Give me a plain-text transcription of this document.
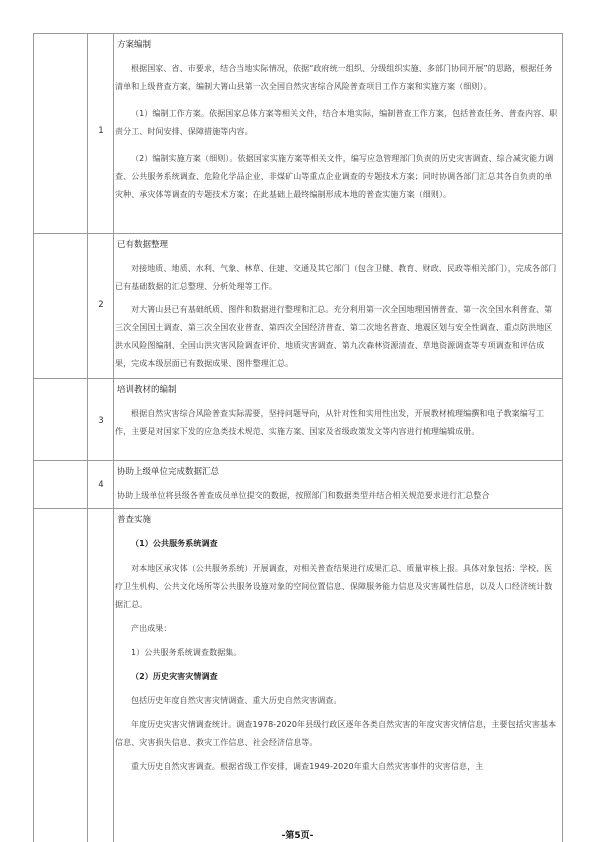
1
方案编制

根据国家、省、市要求，结合当地实际情况，依据“政府统一组织、分级组织实施、多部门协同开展”的思路，根据任务清单和上级普查方案，编制大箐山县第一次全国自然灾害综合风险普查项目工作方案和实施方案（细则）。

（1）编制工作方案。依据国家总体方案等相关文件，结合本地实际，编制普查工作方案，包括普查任务、普查内容、职责分工、时间安排、保障措施等内容。

（2）编制实施方案（细则）。依据国家实施方案等相关文件，编写应急管理部门负责的历史灾害调查、综合减灾能力调查、公共服务系统调查、危险化学品企业、非煤矿山等重点企业调查的专题技术方案；同时协调各部门汇总其各自负责的单灾种、承灾体等调查的专题技术方案；在此基础上最终编制形成本地的普查实施方案（细则）。

2
已有数据整理

对接地质、地质、水利、气象、林草、住建、交通及其它部门（包含卫健、教育、财政、民政等相关部门），完成各部门已有基础数据的汇总整理、分析处理等工作。

对大箐山县已有基础纸质、图件和数据进行整理和汇总。充分利用第一次全国地理国情普查、第一次全国水利普查、第三次全国国土调查、第三次全国农业普查、第四次全国经济普查、第二次地名普查、地震区划与安全性调查、重点防洪地区洪水风险图编制、全国山洪灾害风险调查评价、地质灾害调查、第九次森林资源清查、草地资源调查等专项调查和评估成果，完成本级层面已有数据成果、图件整理汇总。

3
培训教材的编制

根据自然灾害综合风险普查实际需要，坚持问题导向，从针对性和实用性出发，开展教材梳理编撰和电子教案编写工作，主要是对国家下发的应急类技术规范、实施方案、国家及省级政策发文等内容进行梳理编辑成册。

4
协助上级单位完成数据汇总

协助上级单位将县级各普查成员单位提交的数据，按照部门和数据类型并结合相关规范要求进行汇总整合

普查实施

（1）公共服务系统调查

对本地区承灾体（公共服务系统）开展调查，对相关普查结果进行成果汇总、质量审核上报。具体对象包括：学校、医疗卫生机构、公共文化场所等公共服务设施对象的空间位置信息、保障服务能力信息及灾害属性信息，以及人口经济统计数据汇总。

产出成果：

1）公共服务系统调查数据集。

（2）历史灾害灾情调查

包括历史年度自然灾害灾情调查、重大历史自然灾害调查。

年度历史灾害灾情调查统计。调查1978-2020年县级行政区逐年各类自然灾害的年度灾害灾情信息，主要包括灾害基本信息、灾害损失信息、救灾工作信息、社会经济信息等。

重大历史自然灾害调查。根据省级工作安排，调查1949-2020年重大自然灾害事件的灾害信息，主

-第5页-
